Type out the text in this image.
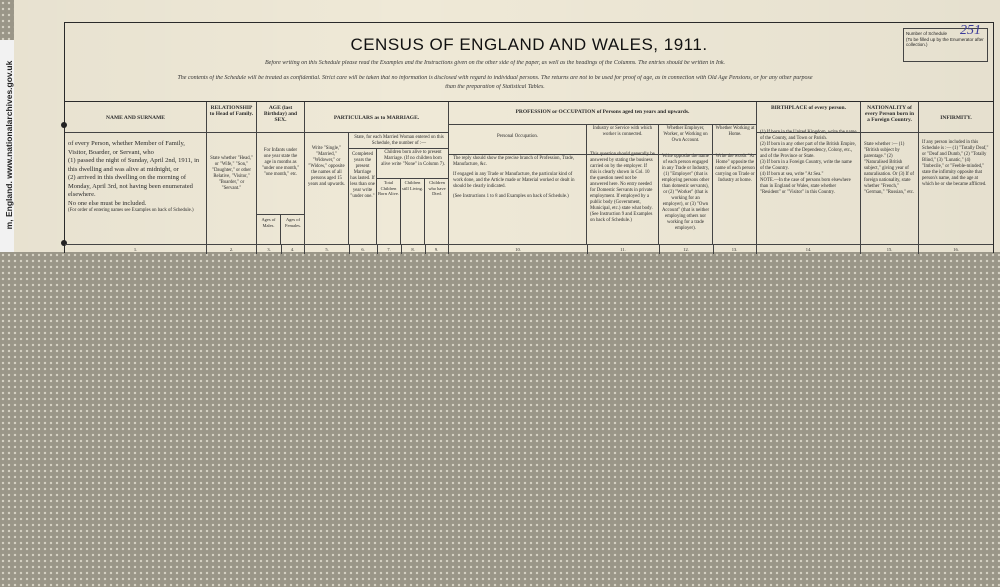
m, England. www.nationalarchives.gov.uk
CENSUS OF ENGLAND AND WALES, 1911.
Before writing on this Schedule please read the Examples and the Instructions given on the other side of the paper, as well as the headings of the Columns. The entries should be written in Ink.
The contents of the Schedule will be treated as confidential. Strict care will be taken that no information is disclosed with regard to individual persons. The returns are not to be used for proof of age, as in connection with Old Age Pensions, or for any other purpose
than the preparation of Statistical Tables.
Number of Schedule
(To be filled up by the Enumerator after collection.)
251
NAME AND SURNAME
of every Person, whether Member of Family, Visitor, Boarder, or Servant, who
(1) passed the night of Sunday, April 2nd, 1911, in this dwelling and was alive at midnight, or
(2) arrived in this dwelling on the morning of Monday, April 3rd, not having been enumerated elsewhere.
No one else must be included.
(For order of entering names see Examples on back of Schedule.)
1.
RELATIONSHIP to Head of Family.
State whether "Head," or "Wife," "Son," "Daughter," or other Relative, "Visitor," "Boarder," or "Servant."
2.
AGE (last Birthday) and SEX.
For Infants under one year state the age in months as "under one month," "one month," etc.
Ages of Males.
Ages of Females.
3.	4.
PARTICULARS as to MARRIAGE.
Write "Single," "Married," "Widower," or "Widow," opposite the names of all persons aged 15 years and upwards.
State, for each Married Woman entered on this Schedule, the number of :—
Completed years the present Marriage has lasted. If less than one year write "under one."
Children born alive to present Marriage. (If no children born alive write "None" in Column 7).
Total Children Born Alive.
Children still Living.
Children who have Died.
5.	6.	7.	8.	9.
PROFESSION or OCCUPATION of Persons aged ten years and upwards.
Personal Occupation.
The reply should show the precise branch of Profession, Trade, Manufacture, &c.
If engaged in any Trade or Manufacture, the particular kind of work done, and the Article made or Material worked or dealt in should be clearly indicated.
(See Instructions 1 to 8 and Examples on back of Schedule.)
Industry or Service with which worker is connected.
This question should generally be answered by stating the business carried on by the employer. If this is clearly shown in Col. 10 the question need not be answered here. No entry needed for Domestic Servants in private employment. If employed by a public body (Government, Municipal, etc.) state what body. (See Instruction 9 and Examples on back of Schedule.)
Whether Employer, Worker, or Working on Own Account.
Write opposite the name of each person engaged in any Trade or Industry, (1) "Employer" (that is employing persons other than domestic servants), or (2) "Worker" (that is working for an employer), or (3) "Own Account" (that is neither employing others nor working for a trade employer).
Whether Working at Home.
Write the words "At Home" opposite the name of each person carrying on Trade or Industry at home.
10.	11.	12.	13.
BIRTHPLACE of every person.
(1) If born in the United Kingdom, write the name of the County, and Town or Parish.
(2) If born in any other part of the British Empire, write the name of the Dependency, Colony, etc., and of the Province or State.
(3) If born in a Foreign Country, write the name of the Country.
(4) If born at sea, write "At Sea."
NOTE.—In the case of persons born elsewhere than in England or Wales, state whether "Resident" or "Visitor" in this Country.
14.
NATIONALITY of every Person born in a Foreign Country.
State whether :— (1) "British subject by parentage." (2) "Naturalised British subject," giving year of naturalisation. Or (3) If of foreign nationality, state whether "French," "German," "Russian," etc.
15.
INFIRMITY.
If any person included in this Schedule is :— (1) "Totally Deaf," or "Deaf and Dumb," (2) "Totally Blind," (3) "Lunatic," (4) "Imbecile," or "Feeble-minded," state the infirmity opposite that person's name, and the age at which he or she became afflicted.
16.
